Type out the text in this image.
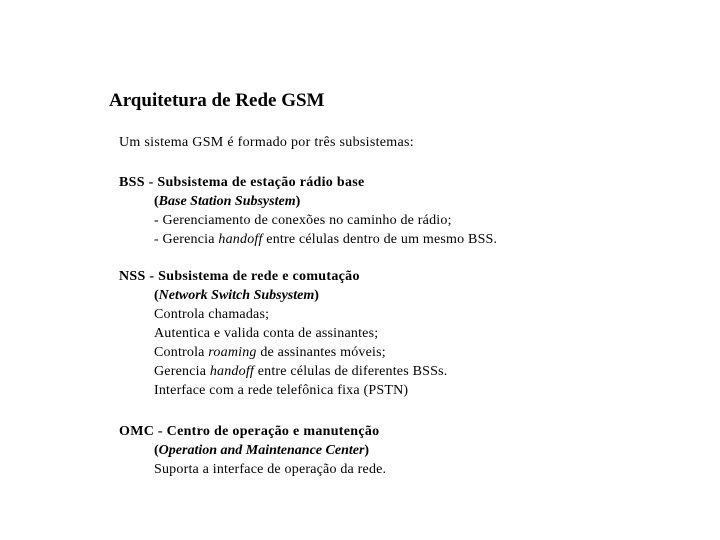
Arquitetura de Rede GSM
Um sistema GSM é formado por três subsistemas:
BSS - Subsistema de estação rádio base
(Base Station Subsystem)
- Gerenciamento de conexões no caminho de rádio;
- Gerencia handoff entre células dentro de um mesmo BSS.
NSS - Subsistema de rede e comutação
(Network Switch Subsystem)
Controla chamadas;
Autentica e valida conta de assinantes;
Controla roaming de assinantes móveis;
Gerencia handoff entre células de diferentes BSSs.
Interface com a rede telefônica fixa (PSTN)
OMC - Centro de operação e manutenção
(Operation and Maintenance Center)
Suporta a interface de operação da rede.
